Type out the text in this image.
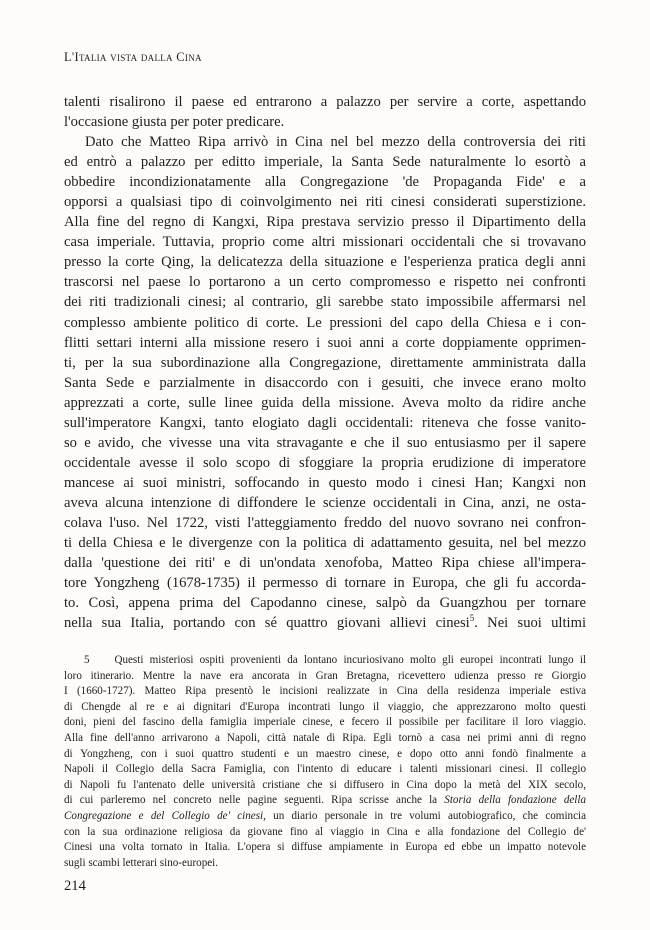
L'Italia vista dalla Cina
talenti risalirono il paese ed entrarono a palazzo per servire a corte, aspettando
l'occasione giusta per poter predicare.
Dato che Matteo Ripa arrivò in Cina nel bel mezzo della controversia dei riti
ed entrò a palazzo per editto imperiale, la Santa Sede naturalmente lo esortò a
obbedire incondizionatamente alla Congregazione 'de Propaganda Fide' e a
opporsi a qualsiasi tipo di coinvolgimento nei riti cinesi considerati superstizione.
Alla fine del regno di Kangxi, Ripa prestava servizio presso il Dipartimento della
casa imperiale. Tuttavia, proprio come altri missionari occidentali che si trovavano
presso la corte Qing, la delicatezza della situazione e l'esperienza pratica degli anni
trascorsi nel paese lo portarono a un certo compromesso e rispetto nei confronti
dei riti tradizionali cinesi; al contrario, gli sarebbe stato impossibile affermarsi nel
complesso ambiente politico di corte. Le pressioni del capo della Chiesa e i con-
flitti settari interni alla missione resero i suoi anni a corte doppiamente opprimen-
ti, per la sua subordinazione alla Congregazione, direttamente amministrata dalla
Santa Sede e parzialmente in disaccordo con i gesuiti, che invece erano molto
apprezzati a corte, sulle linee guida della missione. Aveva molto da ridire anche
sull'imperatore Kangxi, tanto elogiato dagli occidentali: riteneva che fosse vanito-
so e avido, che vivesse una vita stravagante e che il suo entusiasmo per il sapere
occidentale avesse il solo scopo di sfoggiare la propria erudizione di imperatore
mancese ai suoi ministri, soffocando in questo modo i cinesi Han; Kangxi non
aveva alcuna intenzione di diffondere le scienze occidentali in Cina, anzi, ne osta-
colava l'uso. Nel 1722, visti l'atteggiamento freddo del nuovo sovrano nei confron-
ti della Chiesa e le divergenze con la politica di adattamento gesuita, nel bel mezzo
dalla 'questione dei riti' e di un'ondata xenofoba, Matteo Ripa chiese all'impera-
tore Yongzheng (1678-1735) il permesso di tornare in Europa, che gli fu accorda-
to. Così, appena prima del Capodanno cinese, salpò da Guangzhou per tornare
nella sua Italia, portando con sé quattro giovani allievi cinesi$^5$. Nei suoi ultimi
5 Questi misteriosi ospiti provenienti da lontano incuriosivano molto gli europei incontrati lungo il
loro itinerario. Mentre la nave era ancorata in Gran Bretagna, ricevettero udienza presso re Giorgio
I (1660-1727). Matteo Ripa presentò le incisioni realizzate in Cina della residenza imperiale estiva
di Chengde al re e ai dignitari d'Europa incontrati lungo il viaggio, che apprezzarono molto questi
doni, pieni del fascino della famiglia imperiale cinese, e fecero il possibile per facilitare il loro viaggio.
Alla fine dell'anno arrivarono a Napoli, città natale di Ripa. Egli tornò a casa nei primi anni di regno
di Yongzheng, con i suoi quattro studenti e un maestro cinese, e dopo otto anni fondò finalmente a
Napoli il Collegio della Sacra Famiglia, con l'intento di educare i talenti missionari cinesi. Il collegio
di Napoli fu l'antenato delle università cristiane che si diffusero in Cina dopo la metà del XIX secolo,
di cui parleremo nel concreto nelle pagine seguenti. Ripa scrisse anche la Storia della fondazione della
Congregazione e del Collegio de' cinesi, un diario personale in tre volumi autobiografico, che comincia
con la sua ordinazione religiosa da giovane fino al viaggio in Cina e alla fondazione del Collegio de'
Cinesi una volta tornato in Italia. L'opera si diffuse ampiamente in Europa ed ebbe un impatto notevole
sugli scambi letterari sino-europei.
214
